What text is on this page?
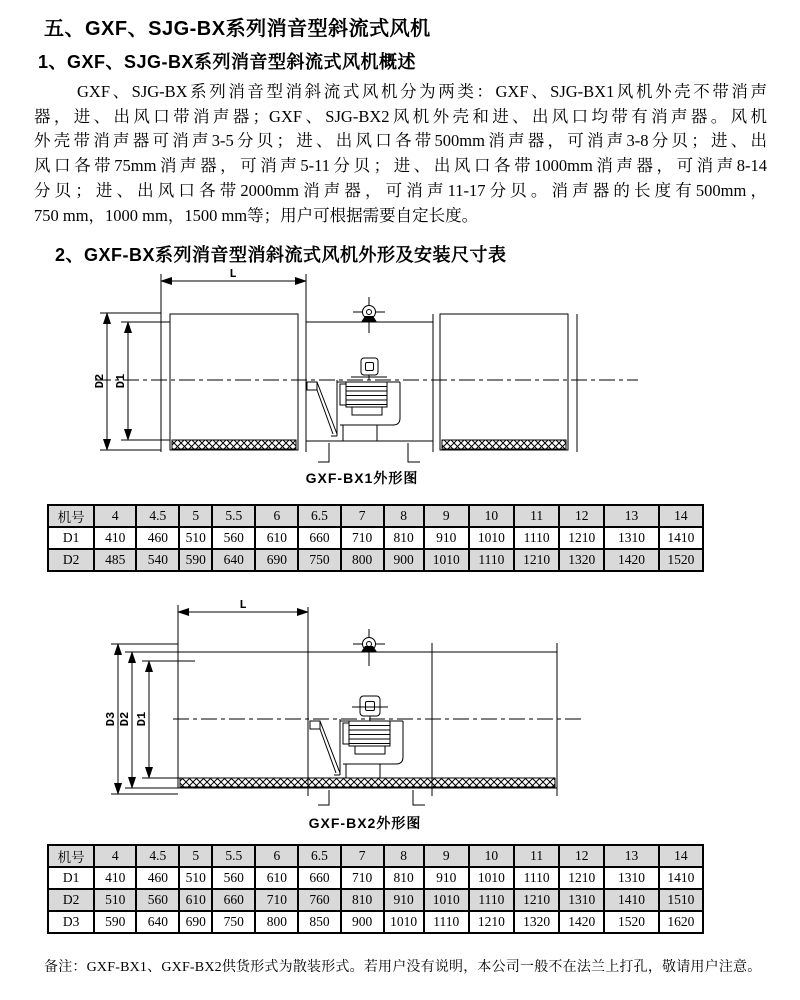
五、GXF、SJG-BX系列消音型斜流式风机
1、GXF、SJG-BX系列消音型斜流式风机概述
GXF、SJG-BX系列消音型消斜流式风机分为两类：GXF、SJG-BX1风机外壳不带消声
器，进、出风口带消声器；GXF、SJG-BX2风机外壳和进、出风口均带有消声器。风机
外壳带消声器可消声3-5分贝；进、出风口各带500mm消声器，可消声3-8分贝；进、出
风口各带75mm消声器，可消声5-11分贝；进、出风口各带1000mm消声器，可消声8-14
分贝；进、出风口各带2000mm消声器，可消声11-17分贝。消声器的长度有500mm，
750 mm，1000 mm，1500 mm等；用户可根据需要自定长度。
2、GXF-BX系列消音型消斜流式风机外形及安装尺寸表
L
D2 D1
GXF-BX1外形图
机号	4	4.5	5	5.5	6	6.5	7	8	9	10	11	12	13	14
D1	410	460	510	560	610	660	710	810	910	1010	1110	1210	1310	1410
D2	485	540	590	640	690	750	800	900	1010	1110	1210	1320	1420	1520
L
D3 D2 D1
GXF-BX2外形图
机号	4	4.5	5	5.5	6	6.5	7	8	9	10	11	12	13	14
D1	410	460	510	560	610	660	710	810	910	1010	1110	1210	1310	1410
D2	510	560	610	660	710	760	810	910	1010	1110	1210	1310	1410	1510
D3	590	640	690	750	800	850	900	1010	1110	1210	1320	1420	1520	1620
备注：GXF-BX1、GXF-BX2供货形式为散装形式。若用户没有说明，本公司一般不在法兰上打孔，敬请用户注意。
